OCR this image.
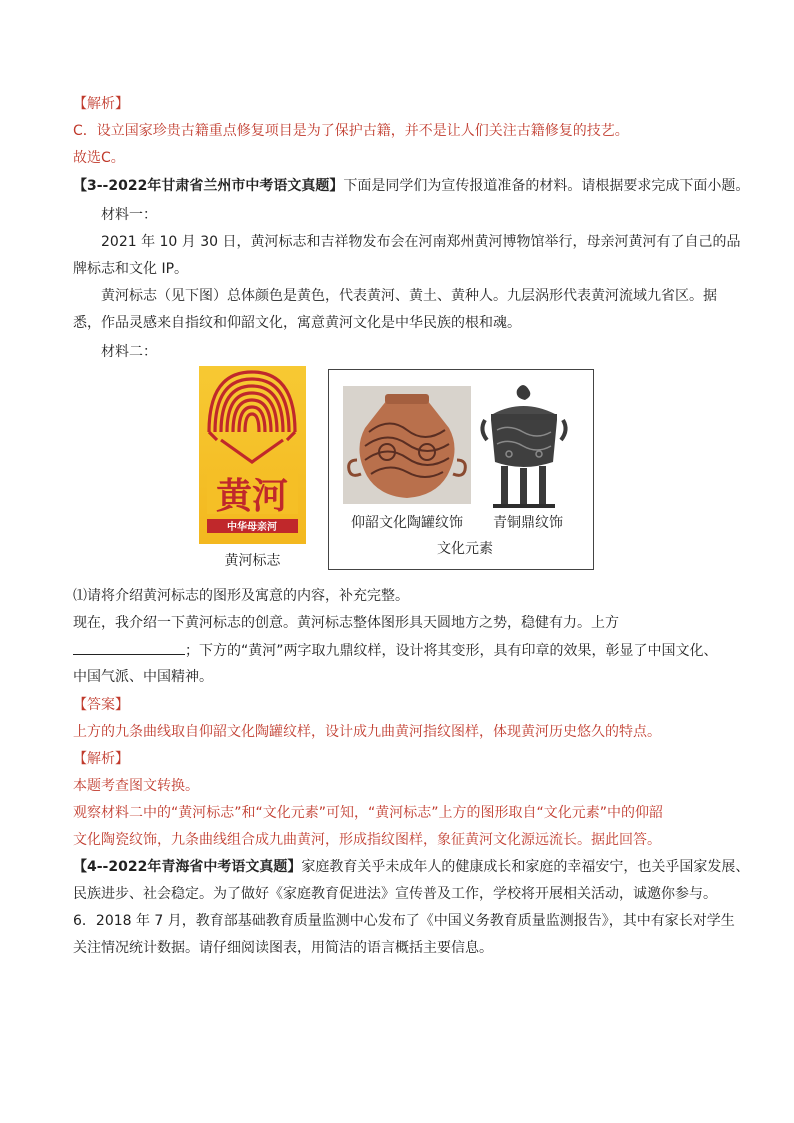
【解析】
C．设立国家珍贵古籍重点修复项目是为了保护古籍，并不是让人们关注古籍修复的技艺。
故选C。
【3--2022年甘肃省兰州市中考语文真题】下面是同学们为宣传报道准备的材料。请根据要求完成下面小题。
材料一：
2021 年 10 月 30 日，黄河标志和吉祥物发布会在河南郑州黄河博物馆举行，母亲河黄河有了自己的品
牌标志和文化 IP。
黄河标志（见下图）总体颜色是黄色，代表黄河、黄土、黄种人。九层涡形代表黄河流域九省区。据
悉，作品灵感来自指纹和仰韶文化，寓意黄河文化是中华民族的根和魂。
材料二：
黄河
中华母亲河
黄河标志
仰韶文化陶罐纹饰 青铜鼎纹饰
文化元素
⑴请将介绍黄河标志的图形及寓意的内容，补充完整。
现在，我介绍一下黄河标志的创意。黄河标志整体图形具天圆地方之势，稳健有力。上方
；下方的“黄河”两字取九鼎纹样，设计将其变形，具有印章的效果，彰显了中国文化、
中国气派、中国精神。
【答案】
上方的九条曲线取自仰韶文化陶罐纹样，设计成九曲黄河指纹图样，体现黄河历史悠久的特点。
【解析】
本题考查图文转换。
观察材料二中的“黄河标志”和“文化元素”可知，“黄河标志”上方的图形取自“文化元素”中的仰韶
文化陶瓷纹饰，九条曲线组合成九曲黄河，形成指纹图样，象征黄河文化源远流长。据此回答。
【4--2022年青海省中考语文真题】家庭教育关乎未成年人的健康成长和家庭的幸福安宁，也关乎国家发展、
民族进步、社会稳定。为了做好《家庭教育促进法》宣传普及工作，学校将开展相关活动，诚邀你参与。
6．2018 年 7 月，教育部基础教育质量监测中心发布了《中国义务教育质量监测报告》，其中有家长对学生
关注情况统计数据。请仔细阅读图表，用简洁的语言概括主要信息。
